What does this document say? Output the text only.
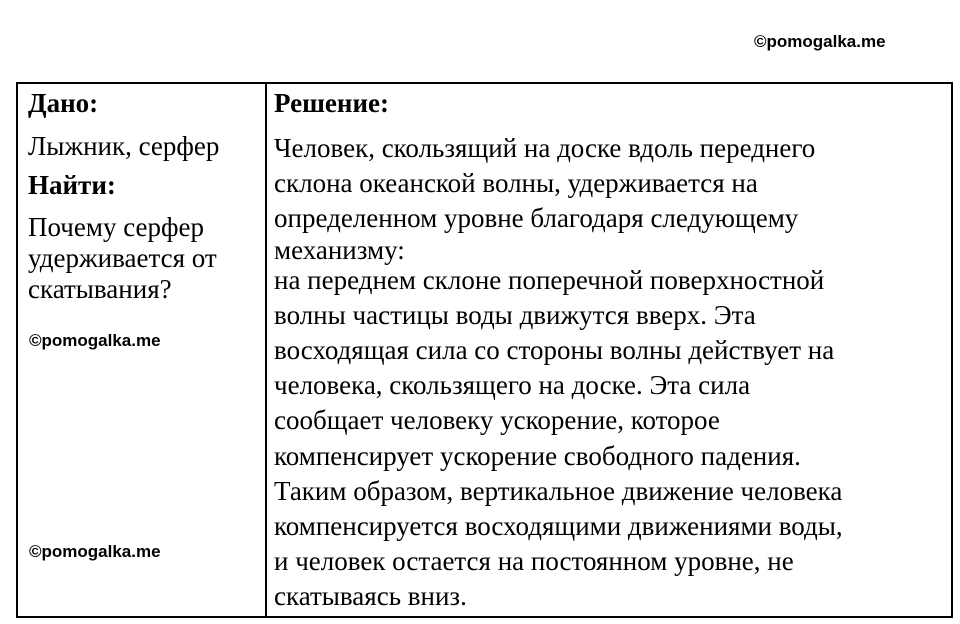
©pomogalka.me

Дано:

Лыжник, серфер

Найти:

Почему серфер
удерживается от
скатывания?

Решение:

Человек, скользящий на доске вдоль переднего
склона океанской волны, удерживается на
определенном уровне благодаря следующему
механизму:
на переднем склоне поперечной поверхностной
волны частицы воды движутся вверх. Эта
восходящая сила со стороны волны действует на
человека, скользящего на доске. Эта сила
сообщает человеку ускорение, которое
компенсирует ускорение свободного падения.
Таким образом, вертикальное движение человека
компенсируется восходящими движениями воды,
и человек остается на постоянном уровне, не
скатываясь вниз.

©pomogalka.me
©pomogalka.me
